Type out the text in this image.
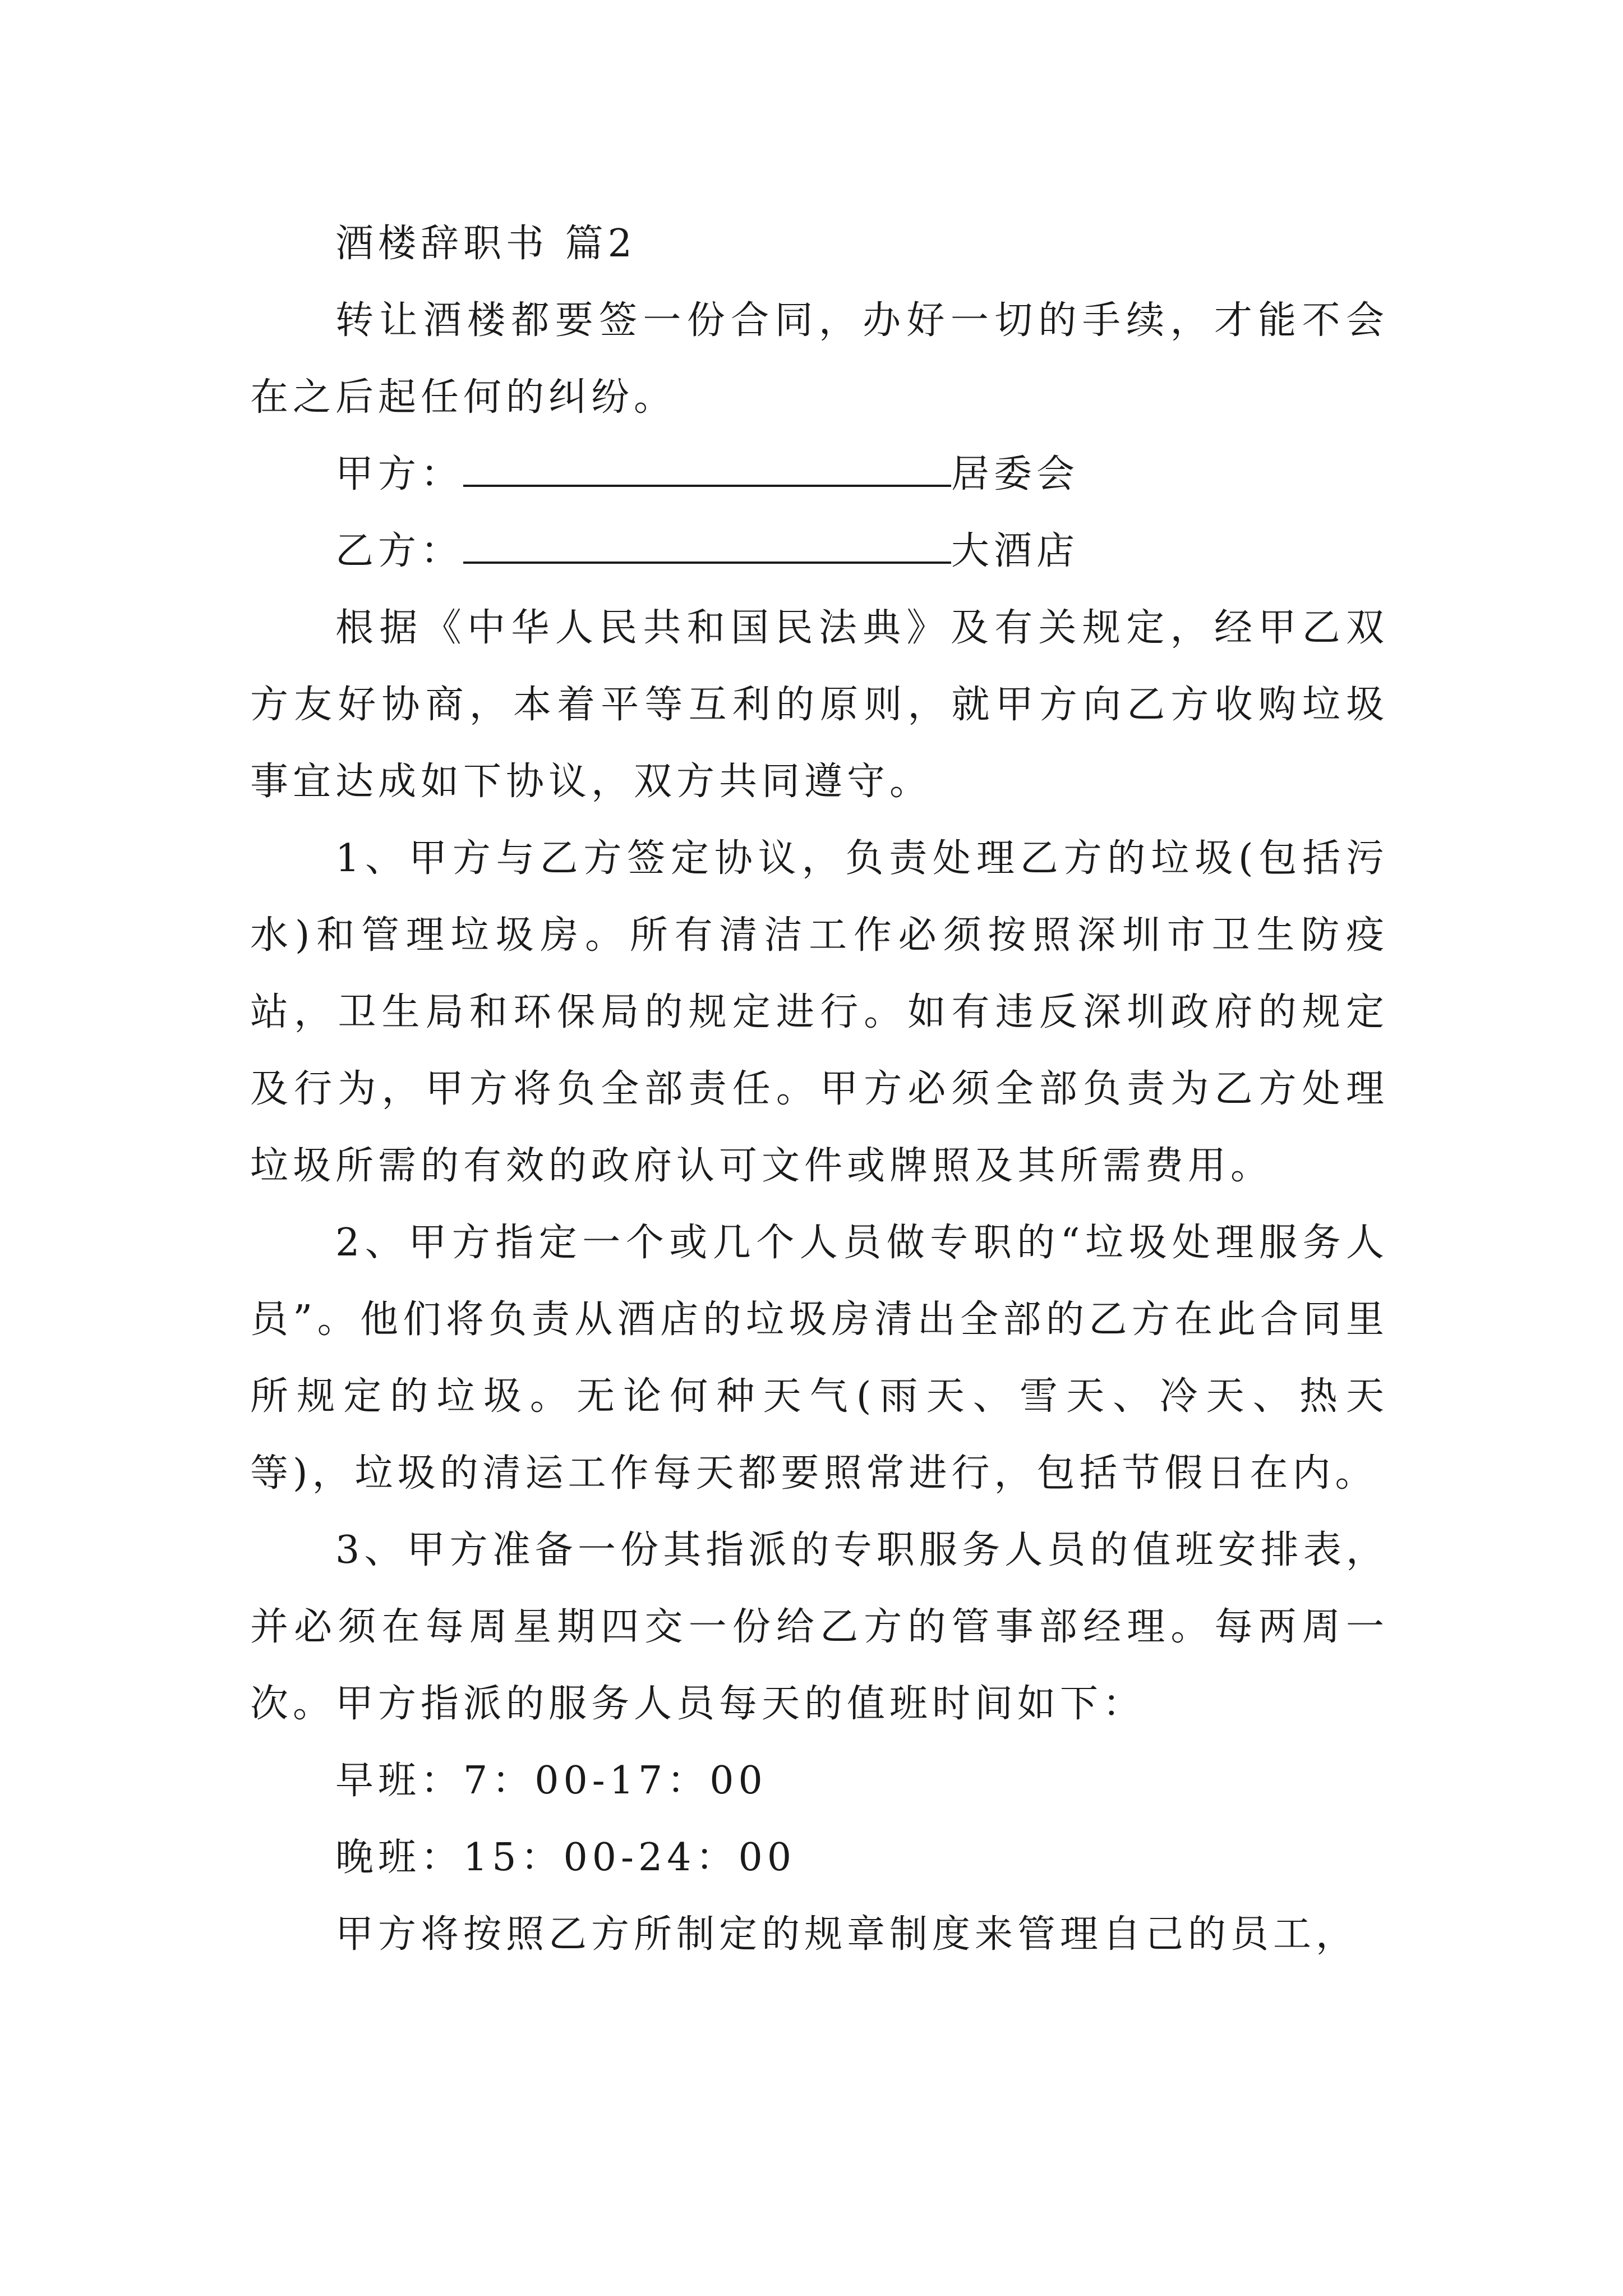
酒楼辞职书 篇2

转让酒楼都要签一份合同，办好一切的手续，才能不会在之后起任何的纠纷。

甲方：	居委会

乙方：	大酒店

根据《中华人民共和国民法典》及有关规定，经甲乙双方友好协商，本着平等互利的原则，就甲方向乙方收购垃圾事宜达成如下协议，双方共同遵守。

1、甲方与乙方签定协议，负责处理乙方的垃圾(包括污水)和管理垃圾房。所有清洁工作必须按照深圳市卫生防疫站，卫生局和环保局的规定进行。如有违反深圳政府的规定及行为，甲方将负全部责任。甲方必须全部负责为乙方处理垃圾所需的有效的政府认可文件或牌照及其所需费用。

2、甲方指定一个或几个人员做专职的“垃圾处理服务人员”。他们将负责从酒店的垃圾房清出全部的乙方在此合同里所规定的垃圾。无论何种天气(雨天、雪天、冷天、热天等)，垃圾的清运工作每天都要照常进行，包括节假日在内。

3、甲方准备一份其指派的专职服务人员的值班安排表，并必须在每周星期四交一份给乙方的管事部经理。每两周一次。甲方指派的服务人员每天的值班时间如下：

早班：7：00-17：00

晚班：15：00-24：00

甲方将按照乙方所制定的规章制度来管理自己的员工，
